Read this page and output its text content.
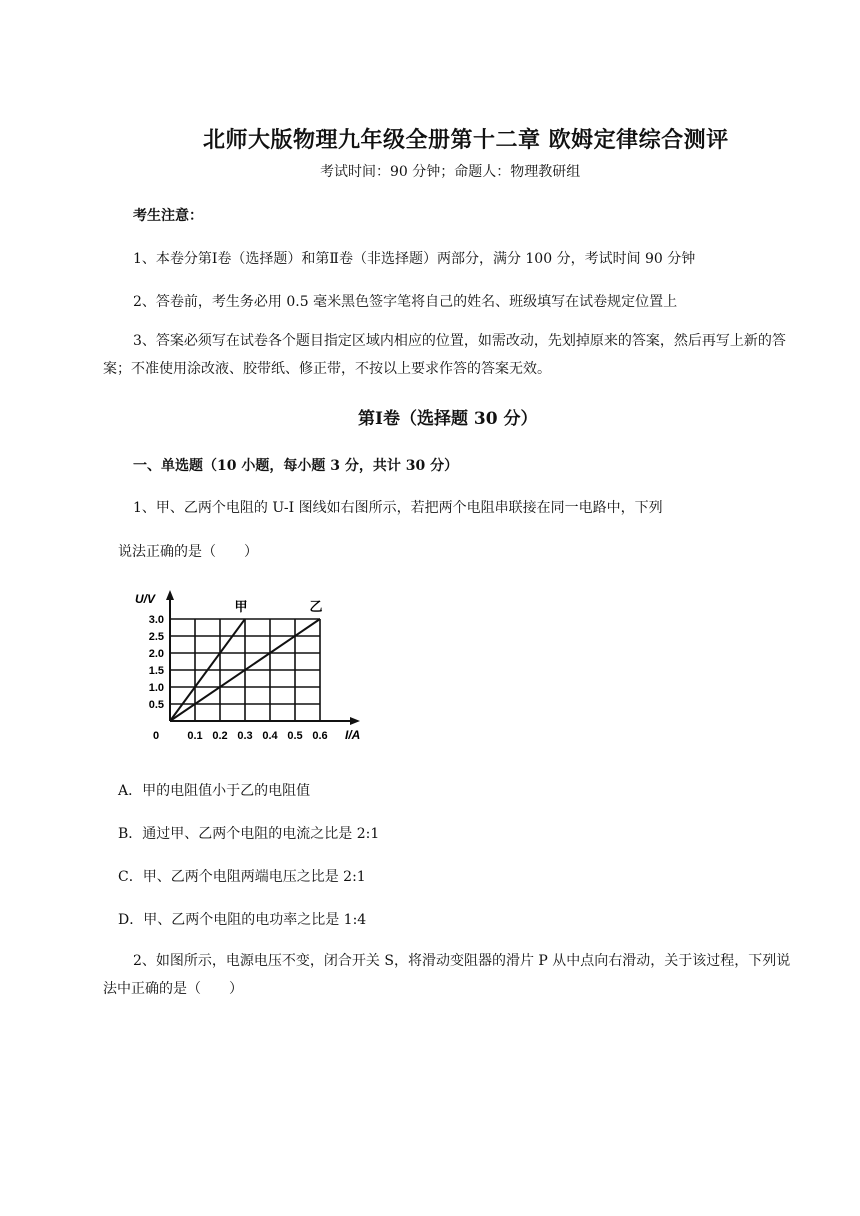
北师大版物理九年级全册第十二章 欧姆定律综合测评
考试时间：90 分钟；命题人：物理教研组
考生注意：
1、本卷分第Ⅰ卷（选择题）和第Ⅱ卷（非选择题）两部分，满分 100 分，考试时间 90 分钟
2、答卷前，考生务必用 0.5 毫米黑色签字笔将自己的姓名、班级填写在试卷规定位置上
3、答案必须写在试卷各个题目指定区域内相应的位置，如需改动，先划掉原来的答案，然后再写上新的答案；不准使用涂改液、胶带纸、修正带，不按以上要求作答的答案无效。
第Ⅰ卷（选择题 30 分）
一、单选题（10 小题，每小题 3 分，共计 30 分）
1、甲、乙两个电阻的 U-I 图线如右图所示，若把两个电阻串联接在同一电路中，下列
说法正确的是（　　）
0.1 0.2 0.3 0.4 0.5 0.6
0.5
1.0
1.5
2.0
2.5
3.0
0
U/V
I/A
甲	乙
A．甲的电阻值小于乙的电阻值
B．通过甲、乙两个电阻的电流之比是 2:1
C．甲、乙两个电阻两端电压之比是 2:1
D．甲、乙两个电阻的电功率之比是 1:4
2、如图所示，电源电压不变，闭合开关 S，将滑动变阻器的滑片 P 从中点向右滑动，关于该过程，下列说法中正确的是（　　）
